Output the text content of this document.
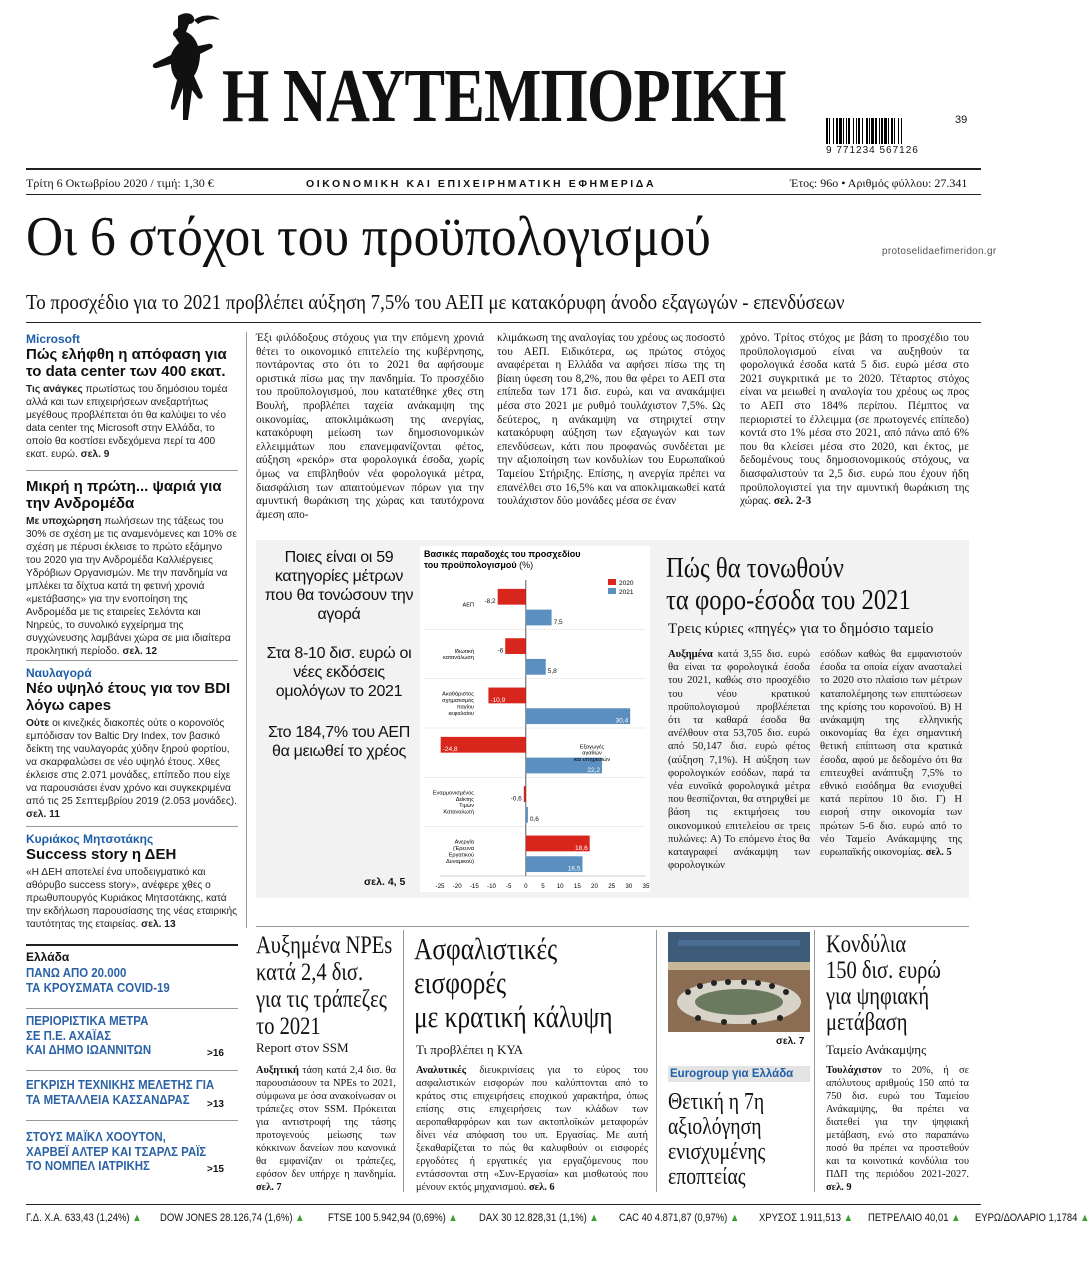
Η ΝΑΥΤΕΜΠΟΡΙΚΗ	39
9 771234 567126
Τρίτη 6 Οκτωβρίου 2020 / τιμή: 1,30 €	ΟΙΚΟΝΟΜΙΚΗ ΚΑΙ ΕΠΙΧΕΙΡΗΜΑΤΙΚΗ ΕΦΗΜΕΡΙΔΑ	Έτος: 96ο • Αριθμός φύλλου: 27.341
Οι 6 στόχοι του προϋπολογισμού	protoselidaefimeridon.gr
Το προσχέδιο για το 2021 προβλέπει αύξηση 7,5% του ΑΕΠ με κατακόρυφη άνοδο εξαγωγών - επενδύσεων
Έξι φιλόδοξους στόχους για την επόμενη χρονιά θέτει το οικονομικό επιτελείο της κυβέρνησης, ποντάροντας στο ότι το 2021 θα αφήσουμε οριστικά πίσω μας την πανδημία. Το προσχέδιο του προϋπολογισμού, που κατατέθηκε χθες στη Βουλή, προβλέπει ταχεία ανάκαμψη της οικονομίας, αποκλιμάκωση της ανεργίας, κατακόρυφη μείωση των δημοσιονομικών ελλειμμάτων που επανεμφανίζονται φέτος, αύξηση «ρεκόρ» στα φορολογικά έσοδα, χωρίς όμως να επιβληθούν νέα φορολογικά μέτρα, διασφάλιση των απαιτούμενων πόρων για την αμυντική θωράκιση της χώρας και ταυτόχρονα άμεση απο-
κλιμάκωση της αναλογίας του χρέους ως ποσοστό του ΑΕΠ. Ειδικότερα, ως πρώτος στόχος αναφέρεται η Ελλάδα να αφήσει πίσω της τη βίαιη ύφεση του 8,2%, που θα φέρει το ΑΕΠ στα επίπεδα των 171 δισ. ευρώ, και να ανακάμψει μέσα στο 2021 με ρυθμό τουλάχιστον 7,5%. Ως δεύτερος, η ανάκαμψη να στηριχτεί στην κατακόρυφη αύξηση των εξαγωγών και των επενδύσεων, κάτι που προφανώς συνδέεται με την αξιοποίηση των κονδυλίων του Ευρωπαϊκού Ταμείου Στήριξης. Επίσης, η ανεργία πρέπει να επανέλθει στο 16,5% και να αποκλιμακωθεί κατά τουλάχιστον δύο μονάδες μέσα σε έναν
χρόνο. Τρίτος στόχος με βάση το προσχέδιο του προϋπολογισμού είναι να αυξηθούν τα φορολογικά έσοδα κατά 5 δισ. ευρώ μέσα στο 2021 συγκριτικά με το 2020. Τέταρτος στόχος είναι να μειωθεί η αναλογία του χρέους ως προς το ΑΕΠ στο 184% περίπου. Πέμπτος να περιοριστεί το έλλειμμα (σε πρωτογενές επίπεδο) κοντά στο 1% μέσα στο 2021, από πάνω από 6% που θα κλείσει μέσα στο 2020, και έκτος, με δεδομένους τους δημοσιονομικούς στόχους, να διασφαλιστούν τα 2,5 δισ. ευρώ που έχουν ήδη προϋπολογιστεί για την αμυντική θωράκιση της χώρας. σελ. 2-3
Microsoft
Πώς ελήφθη η απόφαση για το data center των 400 εκατ.
Τις ανάγκες πρωτίστως του δημόσιου τομέα αλλά και των επιχειρήσεων ανεξαρτήτως μεγέθους προβλέπεται ότι θα καλύψει το νέο data center της Microsoft στην Ελλάδα, το οποίο θα κοστίσει ενδεχόμενα περί τα 400 εκατ. ευρώ. σελ. 9
Μικρή η πρώτη... ψαριά για την Ανδρομέδα
Με υποχώρηση πωλήσεων της τάξεως του 30% σε σχέση με τις αναμενόμενες και 10% σε σχέση με πέρυσι έκλεισε το πρώτο εξάμηνο του 2020 για την Ανδρομέδα Καλλιέργειες Υδρόβιων Οργανισμών. Με την πανδημία να μπλέκει τα δίχτυα κατά τη φετινή χρονιά «μετάβασης» για την ενοποίηση της Ανδρομέδα με τις εταιρείες Σελόντα και Νηρεύς, το συνολικό εγχείρημα της συγχώνευσης λαμβάνει χώρα σε μια ιδιαίτερα προκλητική περίοδο. σελ. 12
Ναυλαγορά
Νέο υψηλό έτους για τον BDI λόγω capes
Ούτε οι κινεζικές διακοπές ούτε ο κορονοϊός εμπόδισαν τον Baltic Dry Index, τον βασικό δείκτη της ναυλαγοράς χύδην ξηρού φορτίου, να σκαρφαλώσει σε νέο υψηλό έτους. Χθες έκλεισε στις 2.071 μονάδες, επίπεδο που είχε να παρουσιάσει έναν χρόνο και συγκεκριμένα από τις 25 Σεπτεμβρίου 2019 (2.053 μονάδες). σελ. 11
Κυριάκος Μητσοτάκης
Success story η ΔΕΗ
«Η ΔΕΗ αποτελεί ένα υποδειγματικό και αθόρυβο success story», ανέφερε χθες ο πρωθυπουργός Κυριάκος Μητσοτάκης, κατά την εκδήλωση παρουσίασης της νέας εταιρικής ταυτότητας της εταιρείας. σελ. 13
Ελλάδα
ΠΑΝΩ ΑΠΟ 20.000
ΤΑ ΚΡΟΥΣΜΑΤΑ COVID-19
ΠΕΡΙΟΡΙΣΤΙΚΑ ΜΕΤΡΑ
ΣΕ Π.Ε. ΑΧΑΪΑΣ
ΚΑΙ ΔΗΜΟ ΙΩΑΝΝΙΤΩΝ	>16
ΕΓΚΡΙΣΗ ΤΕΧΝΙΚΗΣ ΜΕΛΕΤΗΣ ΓΙΑ
ΤΑ ΜΕΤΑΛΛΕΙΑ ΚΑΣΣΑΝΔΡΑΣ	>13
ΣΤΟΥΣ ΜΑΪΚΛ ΧΟΟΥΤΟΝ,
ΧΑΡΒΕΪ ΑΛΤΕΡ ΚΑΙ ΤΣΑΡΛΣ ΡΑΪΣ
ΤΟ ΝΟΜΠΕΛ ΙΑΤΡΙΚΗΣ	>15
Ποιες είναι οι 59 κατηγορίες μέτρων που θα τονώσουν την αγορά
Στα 8-10 δισ. ευρώ οι νέες εκδόσεις ομολόγων το 2021
Στο 184,7% του ΑΕΠ θα μειωθεί το χρέος
σελ. 4, 5
Βασικές παραδοχές του προσχεδίου
του προϋπολογισμού (%)
2020
2021
-8,2
7,5
ΑΕΠ
-6
5,8
Ιδιωτική
κατανάλωση
-10,9
30,4
Ακαθάριστος
σχηματισμός
παγίου
κεφαλαίου
-24,8
22,2
Εξαγωγές
αγαθών
και υπηρεσιών
-0,6
0,6
Εναρμονισμένος
Δείκτης
Τιμών
Καταναλωτή
18,6
16,5
Ανεργία
(Έρευνα
Εργατικού
Δυναμικού)
-25 -20 -15 -10 -5 0 5 10 15 20 25 30 35
Πώς θα τονωθούν
τα φορο-έσοδα του 2021
Τρεις κύριες «πηγές» για το δημόσιο ταμείο
Αυξημένα κατά 3,55 δισ. ευρώ θα είναι τα φορολογικά έσοδα του 2021, καθώς στο προσχέδιο του νέου κρατικού προϋπολογισμού προβλέπεται ότι τα καθαρά έσοδα θα ανέλθουν στα 53,705 δισ. ευρώ από 50,147 δισ. ευρώ φέτος (αύξηση 7,1%). Η αύξηση των φορολογικών εσόδων, παρά τα νέα ευνοϊκά φορολογικά μέτρα που θεσπίζονται, θα στηριχθεί με βάση τις εκτιμήσεις του οικονομικού επιτελείου σε τρεις πυλώνες: Α) Το επόμενο έτος θα καταγραφεί ανάκαμψη των φορολογικών
εσόδων καθώς θα εμφανιστούν έσοδα τα οποία είχαν ανασταλεί το 2020 στο πλαίσιο των μέτρων καταπολέμησης των επιπτώσεων της κρίσης του κορονοϊού. Β) Η ανάκαμψη της ελληνικής οικονομίας θα έχει σημαντική θετική επίπτωση στα κρατικά έσοδα, αφού με δεδομένο ότι θα επιτευχθεί ανάπτυξη 7,5% το εθνικό εισόδημα θα ενισχυθεί κατά περίπου 10 δισ. Γ) Η εισροή στην οικονομία των πρώτων 5-6 δισ. ευρώ από το νέο Ταμείο Ανάκαμψης της ευρωπαϊκής οικονομίας. σελ. 5
Αυξημένα NPEs
κατά 2,4 δισ.
για τις τράπεζες
το 2021
Report στον SSM
Αυξητική τάση κατά 2,4 δισ. θα παρουσιάσουν τα NPEs το 2021, σύμφωνα με όσα ανακοίνωσαν οι τράπεζες στον SSM. Πρόκειται για αντιστροφή της τάσης προτογενούς μείωσης των κόκκινων δανείων που κανονικά θα εμφανίζαν οι τράπεζες, εφόσον δεν υπήρχε η πανδημία. σελ. 7
Ασφαλιστικές
εισφορές
με κρατική κάλυψη
Τι προβλέπει η ΚΥΑ
Αναλυτικές διευκρινίσεις για το εύρος του ασφαλιστικών εισφορών που καλύπτονται από το κράτος στις επιχειρήσεις εποχικού χαρακτήρα, όπως επίσης στις επιχειρήσεις των κλάδων των αεροπαθαρφόρων και των ακτοπλοϊκών μεταφορών δίνει νέα απόφαση του υπ. Εργασίας. Με αυτή ξεκαθαρίζεται το πώς θα καλυφθούν οι εισφορές εργοδότες ή εργατικές για εργαζόμενους που εντάσσονται στη «Συν-Εργασία» και μισθωτούς που μένουν εκτός μηχανισμού. σελ. 6
σελ. 7
Eurogroup για Ελλάδα
Θετική η 7η
αξιολόγηση
ενισχυμένης
εποπτείας
Κονδύλια
150 δισ. ευρώ
για ψηφιακή
μετάβαση
Ταμείο Ανάκαμψης
Τουλάχιστον το 20%, ή σε απόλυτους αριθμούς 150 από τα 750 δισ. ευρώ του Ταμείου Ανάκαμψης, θα πρέπει να διατεθεί για την ψηφιακή μετάβαση, ενώ στο παραπάνω ποσό θα πρέπει να προστεθούν και τα κοινοτικά κονδύλια του ΠΔΠ της περιόδου 2021-2027. σελ. 9
Γ.Δ. Χ.Α. 633,43 (1,24%) ▲ DOW JONES 28.126,74 (1,6%) ▲ FTSE 100 5.942,94 (0,69%) ▲ DAX 30 12.828,31 (1,1%) ▲ CAC 40 4.871,87 (0,97%) ▲ ΧΡΥΣΟΣ 1.911,513 ▲ ΠΕΤΡΕΛΑΙΟ 40,01 ▲ ΕΥΡΩ/ΔΟΛΑΡΙΟ 1,1784 ▲
